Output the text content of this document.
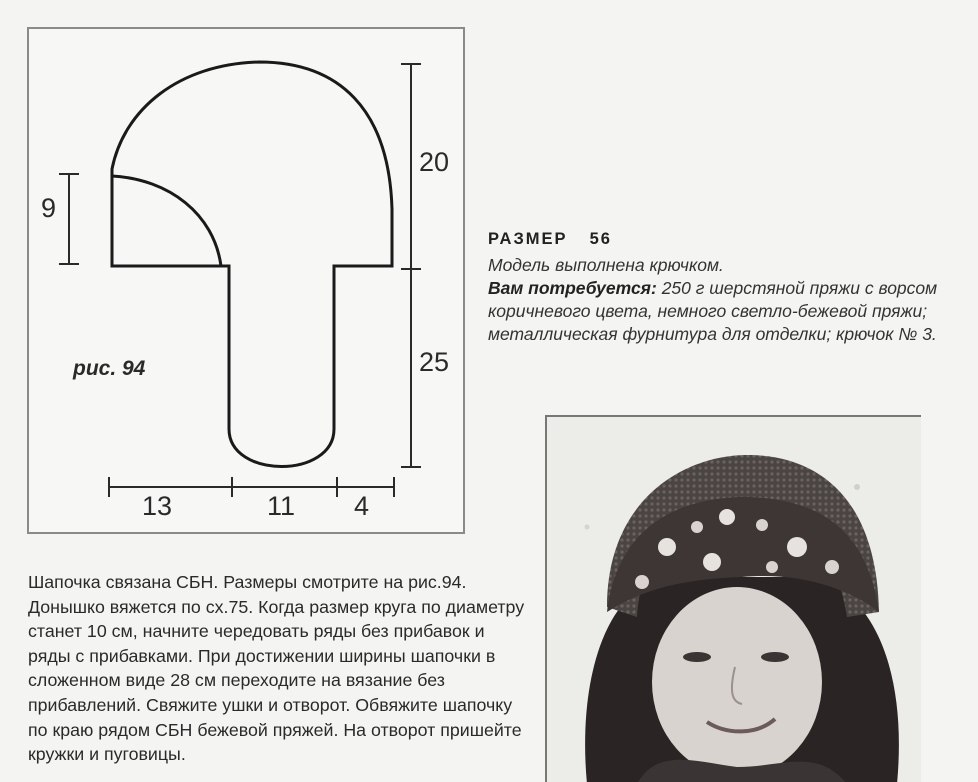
9
20
25
13	11 4
рис. 94
РАЗМЕР 56
Модель выполнена крючком.
Вам потребуется: 250 г шерстяной пряжи с ворсом коричневого цвета, немного светло-бежевой пряжи; металлическая фурнитура для отделки; крючок № 3.

Шапочка связана СБН. Размеры смотрите на рис.94. Донышко вяжется по сх.75. Когда размер круга по диаметру станет 10 см, начните чередовать ряды без прибавок и ряды с прибавками. При достижении ширины шапочки в сложенном виде 28 см переходите на вязание без прибавлений. Свяжите ушки и отворот. Обвяжите шапочку по краю рядом СБН бежевой пряжей. На отворот пришейте кружки и пуговицы.
